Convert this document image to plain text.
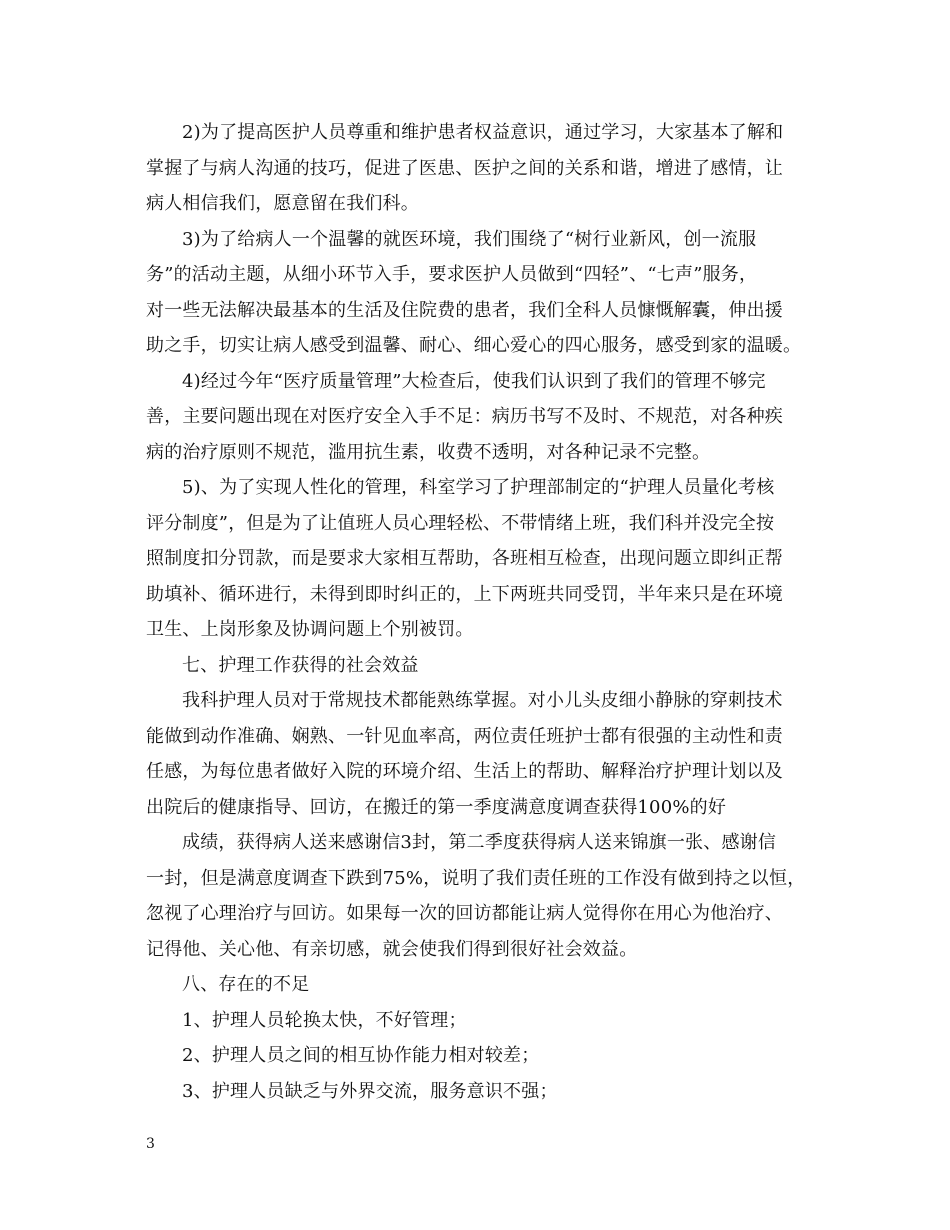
2)为了提高医护人员尊重和维护患者权益意识，通过学习，大家基本了解和
掌握了与病人沟通的技巧，促进了医患、医护之间的关系和谐，增进了感情，让
病人相信我们，愿意留在我们科。
3)为了给病人一个温馨的就医环境，我们围绕了“树行业新风，创一流服
务”的活动主题，从细小环节入手，要求医护人员做到“四轻”、“七声”服务，
对一些无法解决最基本的生活及住院费的患者，我们全科人员慷慨解囊，伸出援
助之手，切实让病人感受到温馨、耐心、细心爱心的四心服务，感受到家的温暖。
4)经过今年“医疗质量管理”大检查后，使我们认识到了我们的管理不够完
善，主要问题出现在对医疗安全入手不足：病历书写不及时、不规范，对各种疾
病的治疗原则不规范，滥用抗生素，收费不透明，对各种记录不完整。
5)、为了实现人性化的管理，科室学习了护理部制定的“护理人员量化考核
评分制度”，但是为了让值班人员心理轻松、不带情绪上班，我们科并没完全按
照制度扣分罚款，而是要求大家相互帮助，各班相互检查，出现问题立即纠正帮
助填补、循环进行，未得到即时纠正的，上下两班共同受罚，半年来只是在环境
卫生、上岗形象及协调问题上个别被罚。
七、护理工作获得的社会效益
我科护理人员对于常规技术都能熟练掌握。对小儿头皮细小静脉的穿刺技术
能做到动作准确、娴熟、一针见血率高，两位责任班护士都有很强的主动性和责
任感，为每位患者做好入院的环境介绍、生活上的帮助、解释治疗护理计划以及
出院后的健康指导、回访，在搬迁的第一季度满意度调查获得100%的好
成绩，获得病人送来感谢信3封，第二季度获得病人送来锦旗一张、感谢信
一封，但是满意度调查下跌到75%，说明了我们责任班的工作没有做到持之以恒，
忽视了心理治疗与回访。如果每一次的回访都能让病人觉得你在用心为他治疗、
记得他、关心他、有亲切感，就会使我们得到很好社会效益。
八、存在的不足
1、护理人员轮换太快，不好管理；
2、护理人员之间的相互协作能力相对较差；
3、护理人员缺乏与外界交流，服务意识不强；
3
